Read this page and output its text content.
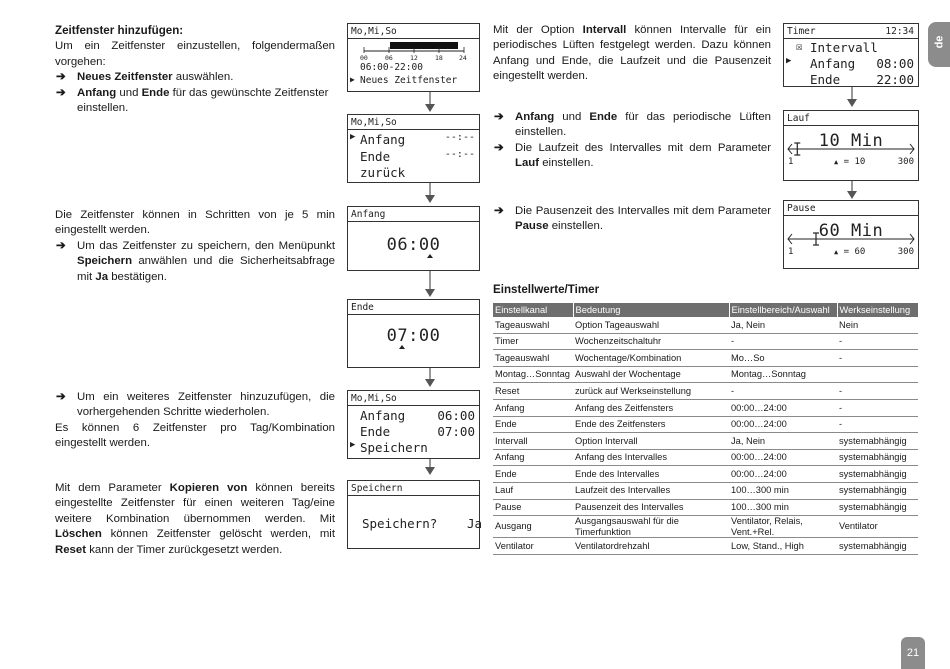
Zeitfenster hinzufügen:

Um ein Zeitfenster einzustellen, folgendermaßen vorgehen:

➔ Neues Zeitfenster auswählen.

➔ Anfang und Ende für das gewünschte Zeitfenster einstellen.

Die Zeitfenster können in Schritten von je 5 min eingestellt werden.

➔ Um das Zeitfenster zu speichern, den Menüpunkt Speichern anwählen und die Sicherheitsabfrage mit Ja bestätigen.

➔ Um ein weiteres Zeitfenster hinzuzufügen, die vorhergehenden Schritte wiederholen.

Es können 6 Zeitfenster pro Tag/Kombination eingestellt werden.

Mit dem Parameter Kopieren von können bereits eingestellte Zeitfenster für einen weiteren Tag/eine weitere Kombination übernommen werden. Mit Löschen können Zeitfenster gelöscht werden, mit Reset kann der Timer zurückgesetzt werden.

Mo,Mi,So
00	06	12	18 24
06:00-22:00
▶ Neues Zeitfenster
Mo,Mi,So
▶ Anfang	--:--
Ende	--:--
zurück
Anfang
06:00
Ende
07:00
Mo,Mi,So
Anfang	06:00
Ende	07:00
▶ Speichern
Speichern
Speichern? Ja

Mit der Option Intervall können Intervalle für ein periodisches Lüften festgelegt werden. Dazu können Anfang und Ende, die Laufzeit und die Pausenzeit eingestellt werden.

➔ Anfang und Ende für das periodische Lüften einstellen.

➔ Die Laufzeit des Intervalles mit dem Parameter Lauf einstellen.

➔ Die Pausenzeit des Intervalles mit dem Parameter Pause einstellen.

Timer	12:34
☒ Intervall
▶ Anfang 08:00
Ende	22:00
Lauf
10 Min
1	▲ = 10	300
Pause
60 Min
1	▲ = 60	300
Einstellwerte/Timer
Einstellkanal	Bedeutung	Einstellbereich/Auswahl	Werkseinstellung
Tageauswahl	Option Tageauswahl	Ja, Nein	Nein
Timer	Wochenzeitschaltuhr	-	-
Tageauswahl	Wochentage/Kombination	Mo…So	-
Montag…Sonntag	Auswahl der Wochentage	Montag…Sonntag	
Reset	zurück auf Werkseinstellung	-	-
Anfang	Anfang des Zeitfensters	00:00…24:00	-
Ende	Ende des Zeitfensters	00:00…24:00	-
Intervall	Option Intervall	Ja, Nein	systemabhängig
Anfang	Anfang des Intervalles	00:00…24:00	systemabhängig
Ende	Ende des Intervalles	00:00…24:00	systemabhängig
Lauf	Laufzeit des Intervalles	100…300 min	systemabhängig
Pause	Pausenzeit des Intervalles	100…300 min	systemabhängig
Ausgang	Ausgangsauswahl für die Timerfunktion	Ventilator, Relais, Vent.+Rel.	Ventilator
Ventilator	Ventilatordrehzahl	Low, Stand., High	systemabhängig
de
21
